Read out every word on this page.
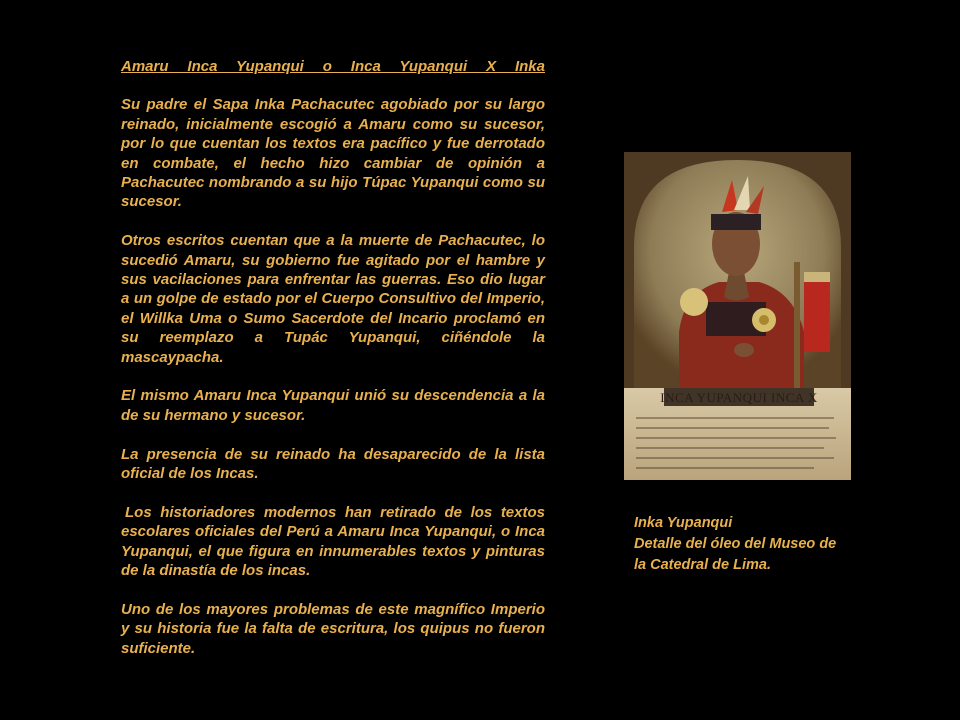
Amaru Inca Yupanqui o Inca Yupanqui X Inka

Su padre el Sapa Inka Pachacutec agobiado por su largo reinado, inicialmente escogió a Amaru como su sucesor, por lo que cuentan los textos era pacífico y fue derrotado en combate, el hecho hizo cambiar de opinión a Pachacutec nombrando a su hijo Túpac Yupanqui como su sucesor.

Otros escritos cuentan que a la muerte de Pachacutec, lo sucedió Amaru, su gobierno fue agitado por el hambre y sus vacilaciones para enfrentar las guerras. Eso dio lugar a un golpe de estado por el Cuerpo Consultivo del Imperio, el Willka Uma o Sumo Sacerdote del Incario proclamó en su reemplazo a Tupác Yupanqui, ciñéndole la mascaypacha.

El mismo Amaru Inca Yupanqui unió su descendencia a la de su hermano y sucesor.

La presencia de su reinado ha desaparecido de la lista oficial de los Incas.

Los historiadores modernos han retirado de los textos escolares oficiales del Perú a Amaru Inca Yupanqui, o Inca Yupanqui, el que figura en innumerables textos y pinturas de la dinastía de los incas.

Uno de los mayores problemas de este magnífico Imperio y su historia fue la falta de escritura, los quipus no fueron suficiente.

INCA YUPANQUI INCA X
Inka Yupanqui
Detalle del óleo del Museo de
la Catedral de Lima.
